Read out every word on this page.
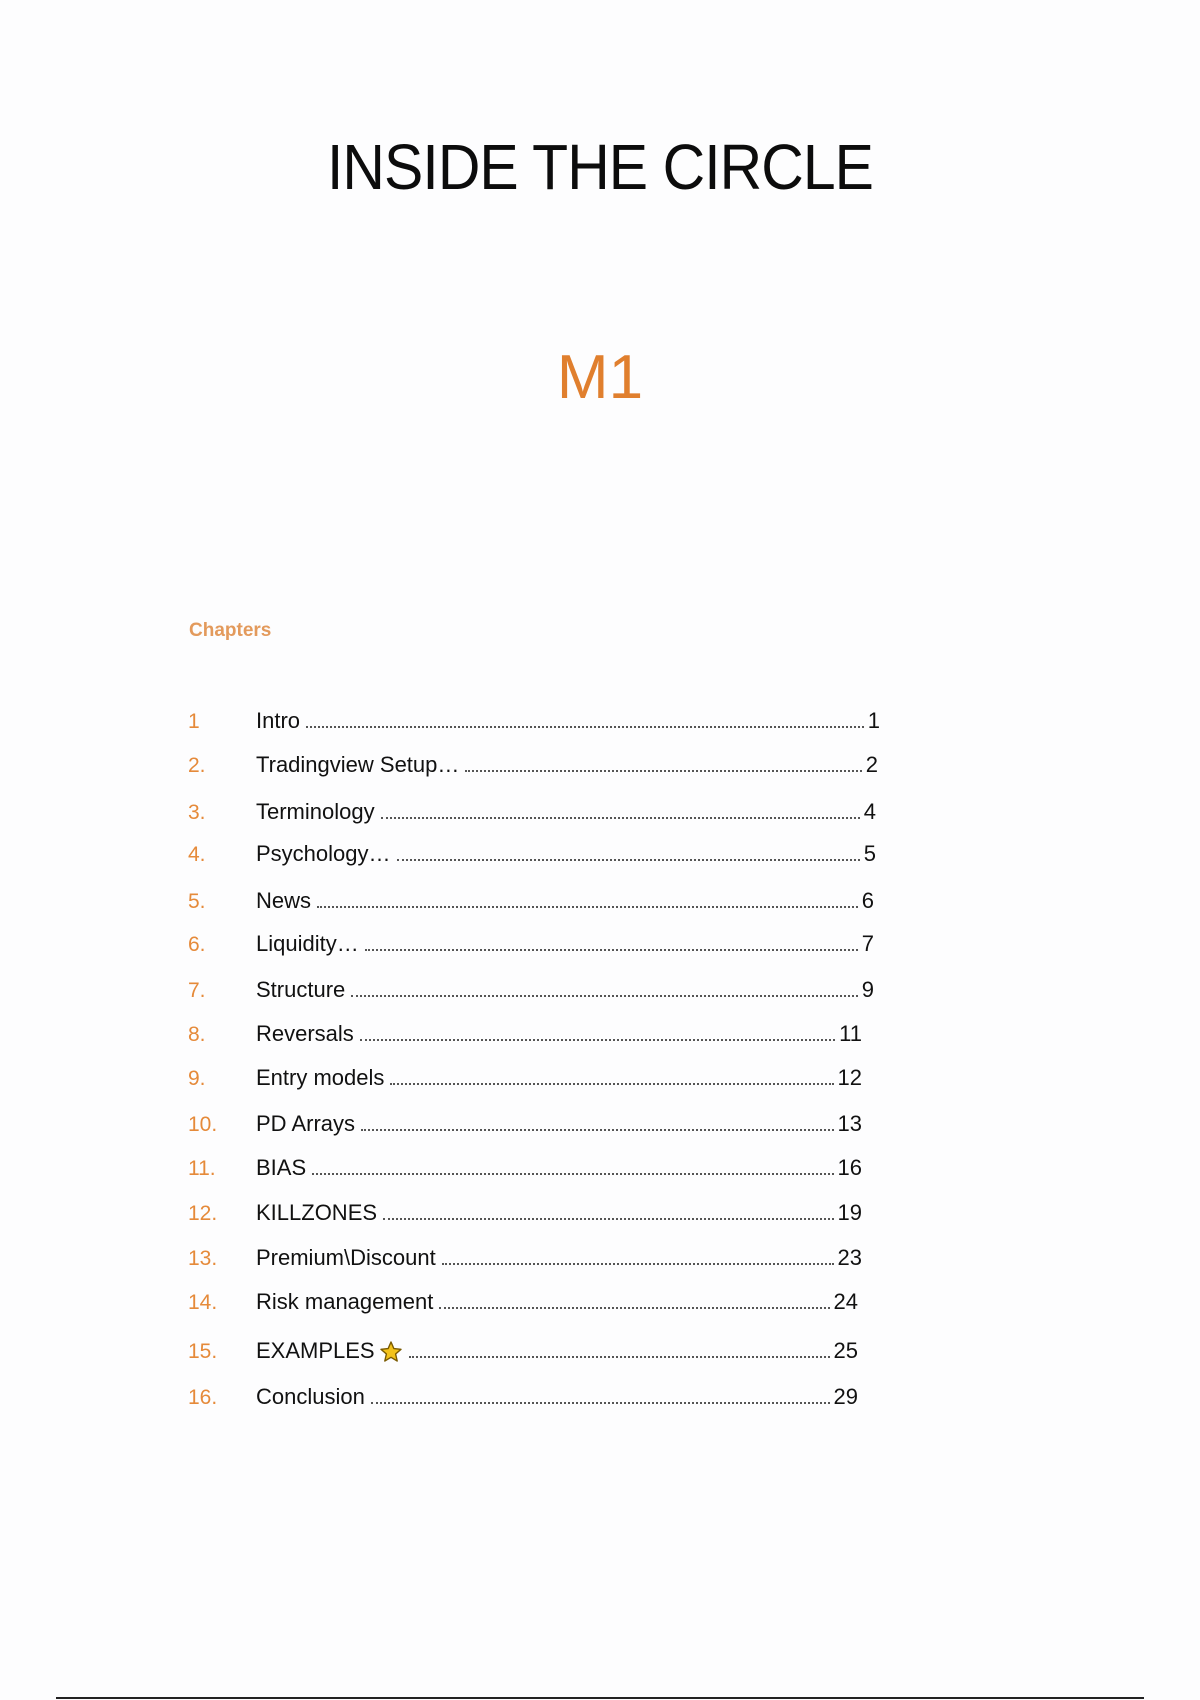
INSIDE THE CIRCLE
M1
Chapters
1	Intro	1
2.	Tradingview Setup…	2
3.	Terminology	4
4.	Psychology…	5
5.	News	6
6.	Liquidity…	7
7.	Structure	9
8.	Reversals	11
9.	Entry models	12
10.	PD Arrays	13
11.	BIAS	16
12.	KILLZONES	19
13.	Premium\Discount	23
14.	Risk management	24
15.	EXAMPLES	25
16.	Conclusion	29
